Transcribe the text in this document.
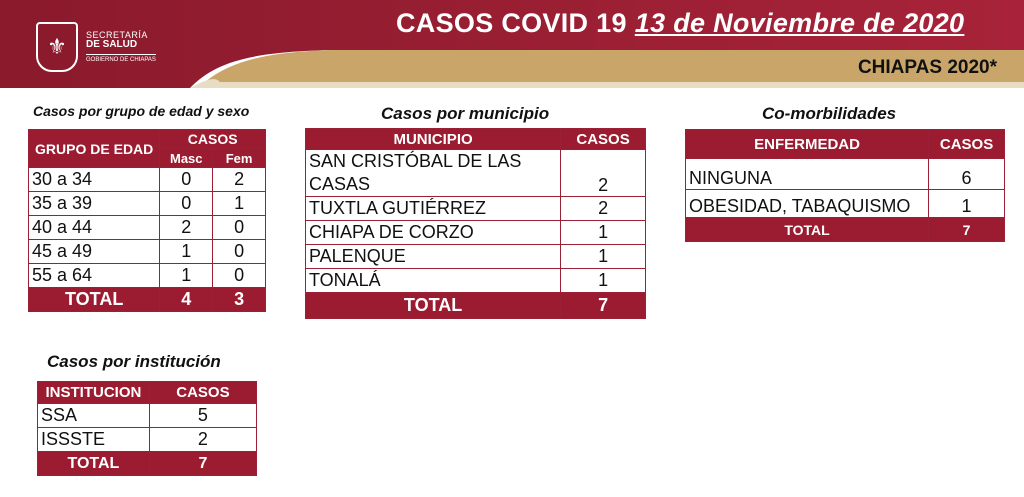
⚜	SECRETARÍA
DE SALUD
GOBIERNO DE CHIAPAS
CASOS COVID 19 13 de Noviembre de 2020
CHIAPAS 2020*
Casos por grupo de edad y sexo
GRUPO DE EDAD	CASOS	
	Masc	Fem
30 a 34	0	2
35 a 39	0	1
40 a 44	2	0
45 a 49	1	0
55 a 64	1	0
TOTAL	4	3
Casos por municipio
MUNICIPIO	CASOS
SAN CRISTÓBAL DE LAS CASAS	2
TUXTLA GUTIÉRREZ	2
CHIAPA DE CORZO	1
PALENQUE	1
TONALÁ	1
TOTAL	7
Co-morbilidades
ENFERMEDAD	CASOS
NINGUNA	6
OBESIDAD, TABAQUISMO	1
TOTAL	7
Casos por institución
INSTITUCION	CASOS
SSA	5
ISSSTE	2
TOTAL	7
